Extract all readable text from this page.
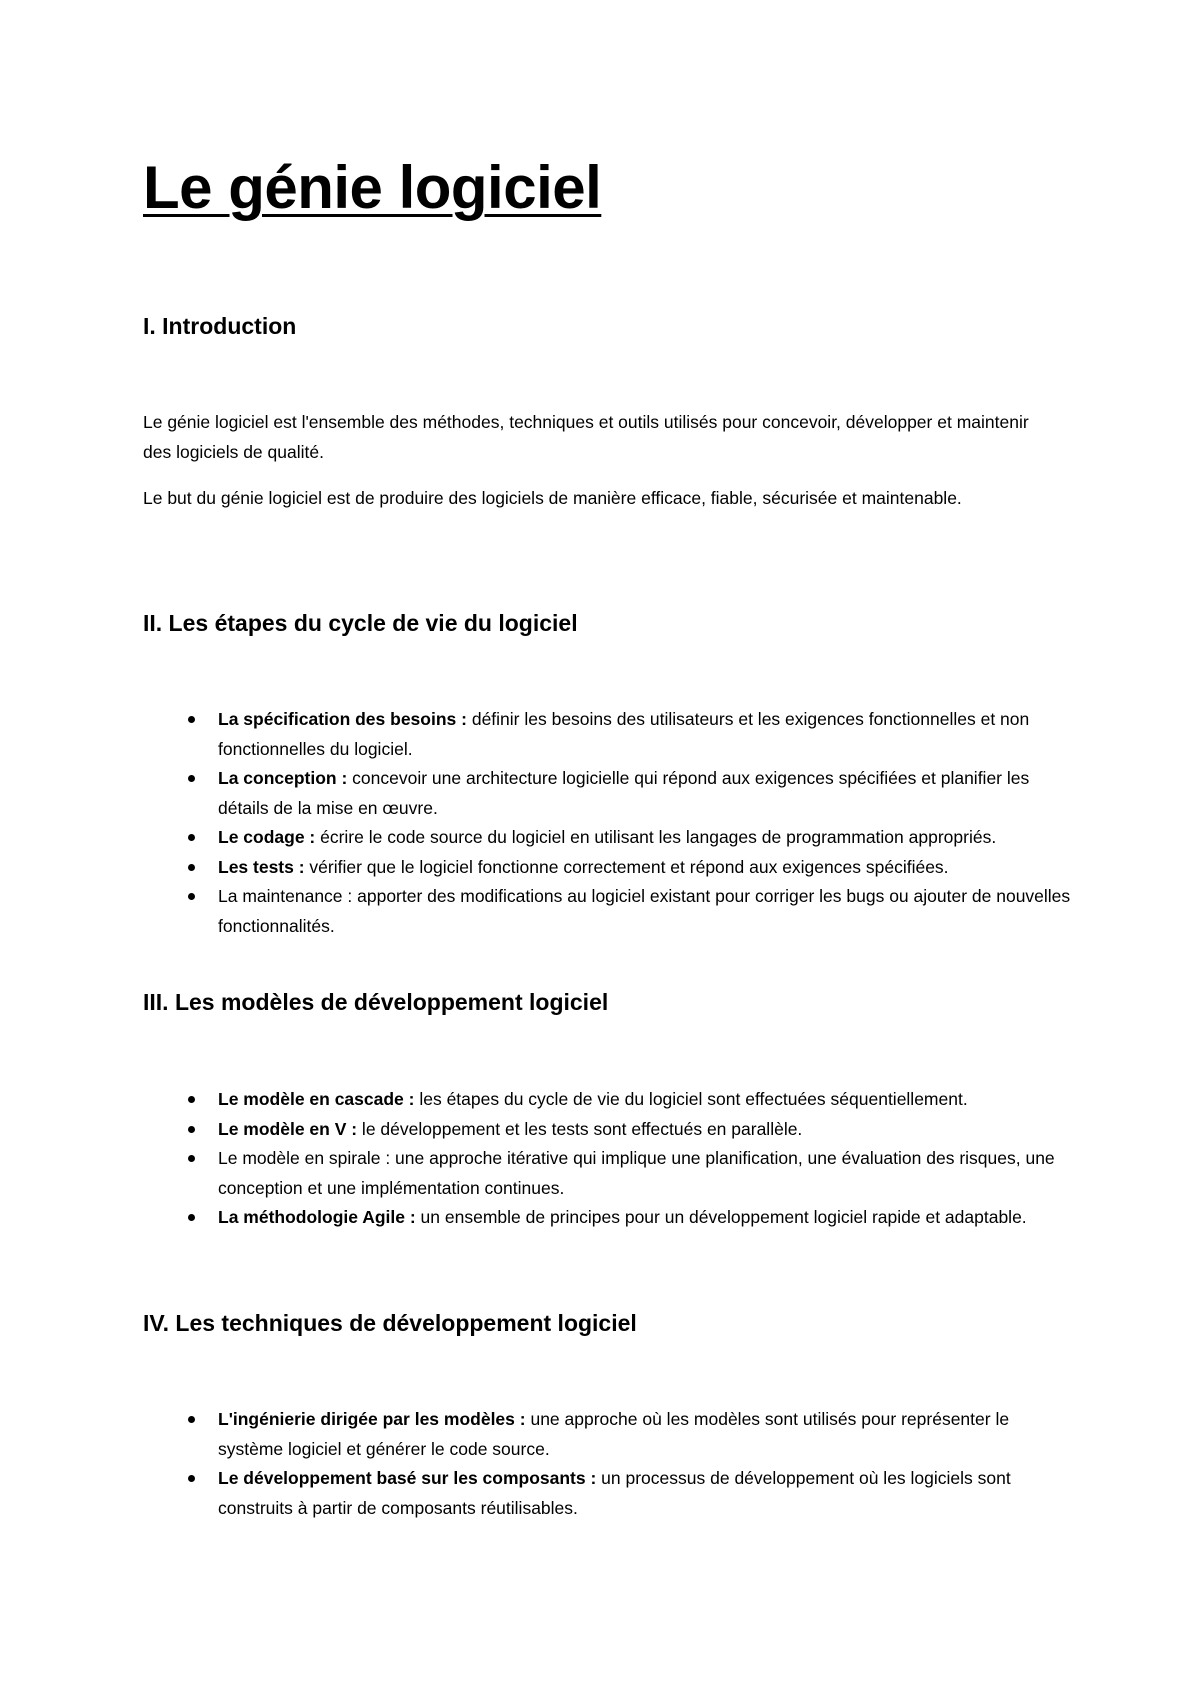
Le génie logiciel
I. Introduction

Le génie logiciel est l'ensemble des méthodes, techniques et outils utilisés pour concevoir, développer et maintenir des logiciels de qualité.

Le but du génie logiciel est de produire des logiciels de manière efficace, fiable, sécurisée et maintenable.

II. Les étapes du cycle de vie du logiciel
La spécification des besoins : définir les besoins des utilisateurs et les exigences fonctionnelles et non fonctionnelles du logiciel.
La conception : concevoir une architecture logicielle qui répond aux exigences spécifiées et planifier les détails de la mise en œuvre.
Le codage : écrire le code source du logiciel en utilisant les langages de programmation appropriés.
Les tests : vérifier que le logiciel fonctionne correctement et répond aux exigences spécifiées.
La maintenance : apporter des modifications au logiciel existant pour corriger les bugs ou ajouter de nouvelles fonctionnalités.
III. Les modèles de développement logiciel
Le modèle en cascade : les étapes du cycle de vie du logiciel sont effectuées séquentiellement.
Le modèle en V : le développement et les tests sont effectués en parallèle.
Le modèle en spirale : une approche itérative qui implique une planification, une évaluation des risques, une conception et une implémentation continues.
La méthodologie Agile : un ensemble de principes pour un développement logiciel rapide et adaptable.
IV. Les techniques de développement logiciel
L'ingénierie dirigée par les modèles : une approche où les modèles sont utilisés pour représenter le système logiciel et générer le code source.
Le développement basé sur les composants : un processus de développement où les logiciels sont construits à partir de composants réutilisables.
